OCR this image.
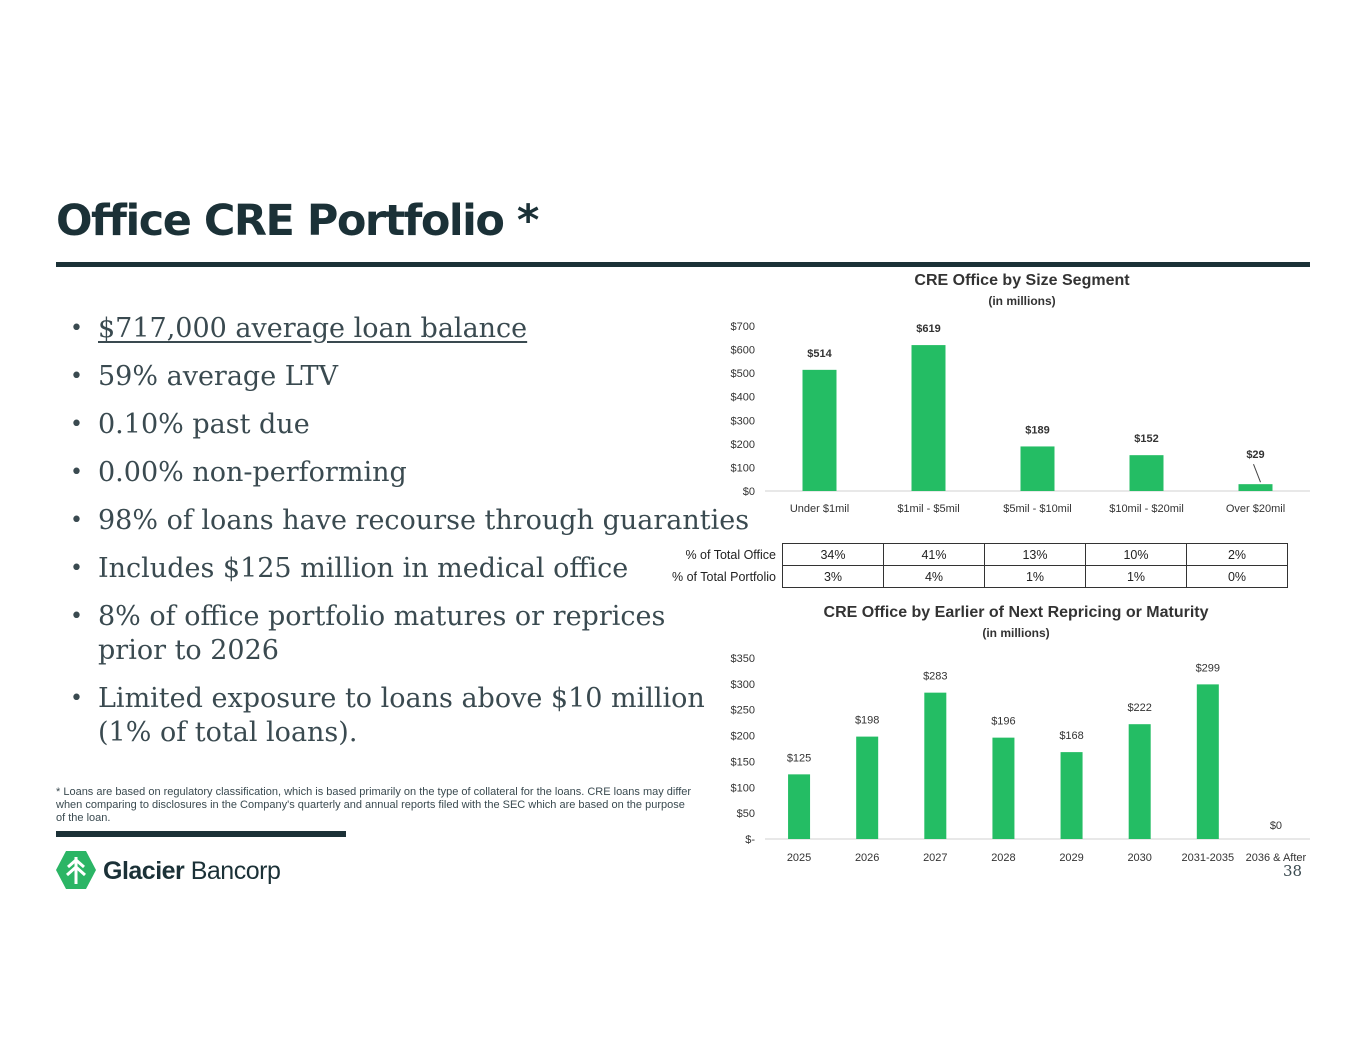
Office CRE Portfolio *
• $717,000 average loan balance
• 59% average LTV
• 0.10% past due
• 0.00% non-performing
• 98% of loans have recourse through guaranties
• Includes $125 million in medical office
• 8% of office portfolio matures or reprices prior to 2026
• Limited exposure to loans above $10 million (1% of total loans).
* Loans are based on regulatory classification, which is based primarily on the type of collateral for the loans. CRE loans may differ when comparing to disclosures in the Company's quarterly and annual reports filed with the SEC which are based on the purpose of the loan.
Glacier Bancorp	38
CRE Office by Size Segment
(in millions)
$0
$100
$200
$300
$400
$500
$600
$700
$514
Under $1mil
$619
$1mil - $5mil
$189
$5mil - $10mil
$152
$10mil - $20mil
$29
Over $20mil
CRE Office by Earlier of Next Repricing or Maturity
(in millions)
$-
$50
$100
$150
$200
$250
$300
$350
$125
2025
$198
2026
$283
2027
$196
2028
$168
2029
$222
2030
$299
2031-2035
$0
2036 & After
% of Total Office	34%	41%	13%	10%	2%
% of Total Portfolio	3%	4%	1%	1%	0%
